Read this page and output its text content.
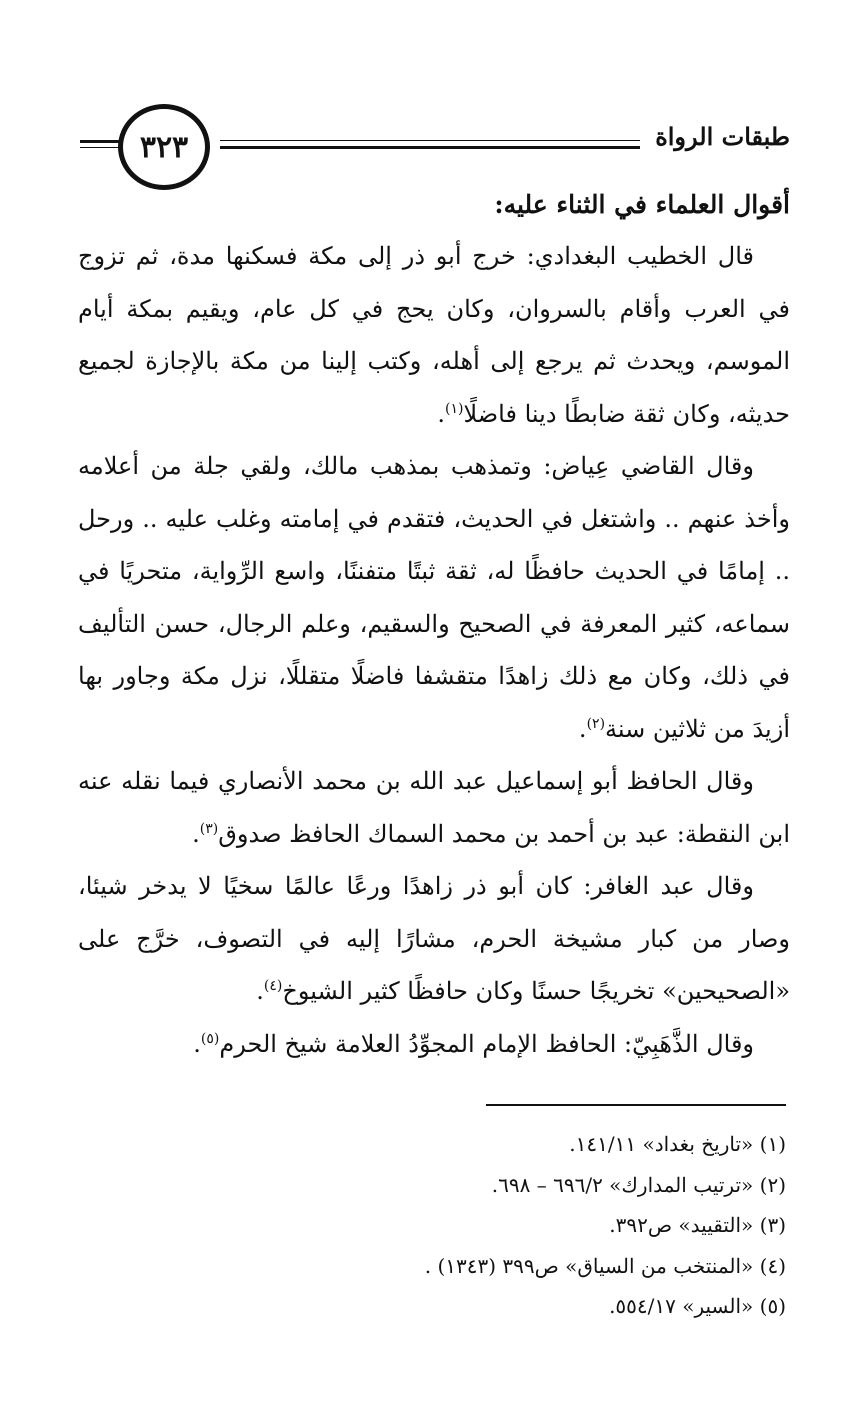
٣٢٣	طبقات الرواة

أقوال العلماء في الثناء عليه:

قال الخطيب البغدادي: خرج أبو ذر إلى مكة فسكنها مدة، ثم تزوج في العرب وأقام بالسروان، وكان يحج في كل عام، ويقيم بمكة أيام الموسم، ويحدث ثم يرجع إلى أهله، وكتب إلينا من مكة بالإجازة لجميع حديثه، وكان ثقة ضابطًا دينا فاضلًا$^{(١)}$.

وقال القاضي عِياض: وتمذهب بمذهب مالك، ولقي جلة من أعلامه وأخذ عنهم .. واشتغل في الحديث، فتقدم في إمامته وغلب عليه .. ورحل .. إمامًا في الحديث حافظًا له، ثقة ثبتًا متفننًا، واسع الرِّواية، متحريًا في سماعه، كثير المعرفة في الصحيح والسقيم، وعلم الرجال، حسن التأليف في ذلك، وكان مع ذلك زاهدًا متقشفا فاضلًا متقللًا، نزل مكة وجاور بها أزيدَ من ثلاثين سنة$^{(٢)}$.

وقال الحافظ أبو إسماعيل عبد الله بن محمد الأنصاري فيما نقله عنه ابن النقطة: عبد بن أحمد بن محمد السماك الحافظ صدوق$^{(٣)}$.

وقال عبد الغافر: كان أبو ذر زاهدًا ورعًا عالمًا سخيًا لا يدخر شيئا، وصار من كبار مشيخة الحرم، مشارًا إليه في التصوف، خرَّج على «الصحيحين» تخريجًا حسنًا وكان حافظًا كثير الشيوخ$^{(٤)}$.

وقال الذَّهَبِيّ: الحافظ الإمام المجوِّدُ العلامة شيخ الحرم$^{(٥)}$.

(١) «تاريخ بغداد» ١٤١/١١.

(٢) «ترتيب المدارك» ٦٩٦/٢ – ٦٩٨.

(٣) «التقييد» ص٣٩٢.

(٤) «المنتخب من السياق» ص٣٩٩ (١٣٤٣) .

(٥) «السير» ٥٥٤/١٧.
